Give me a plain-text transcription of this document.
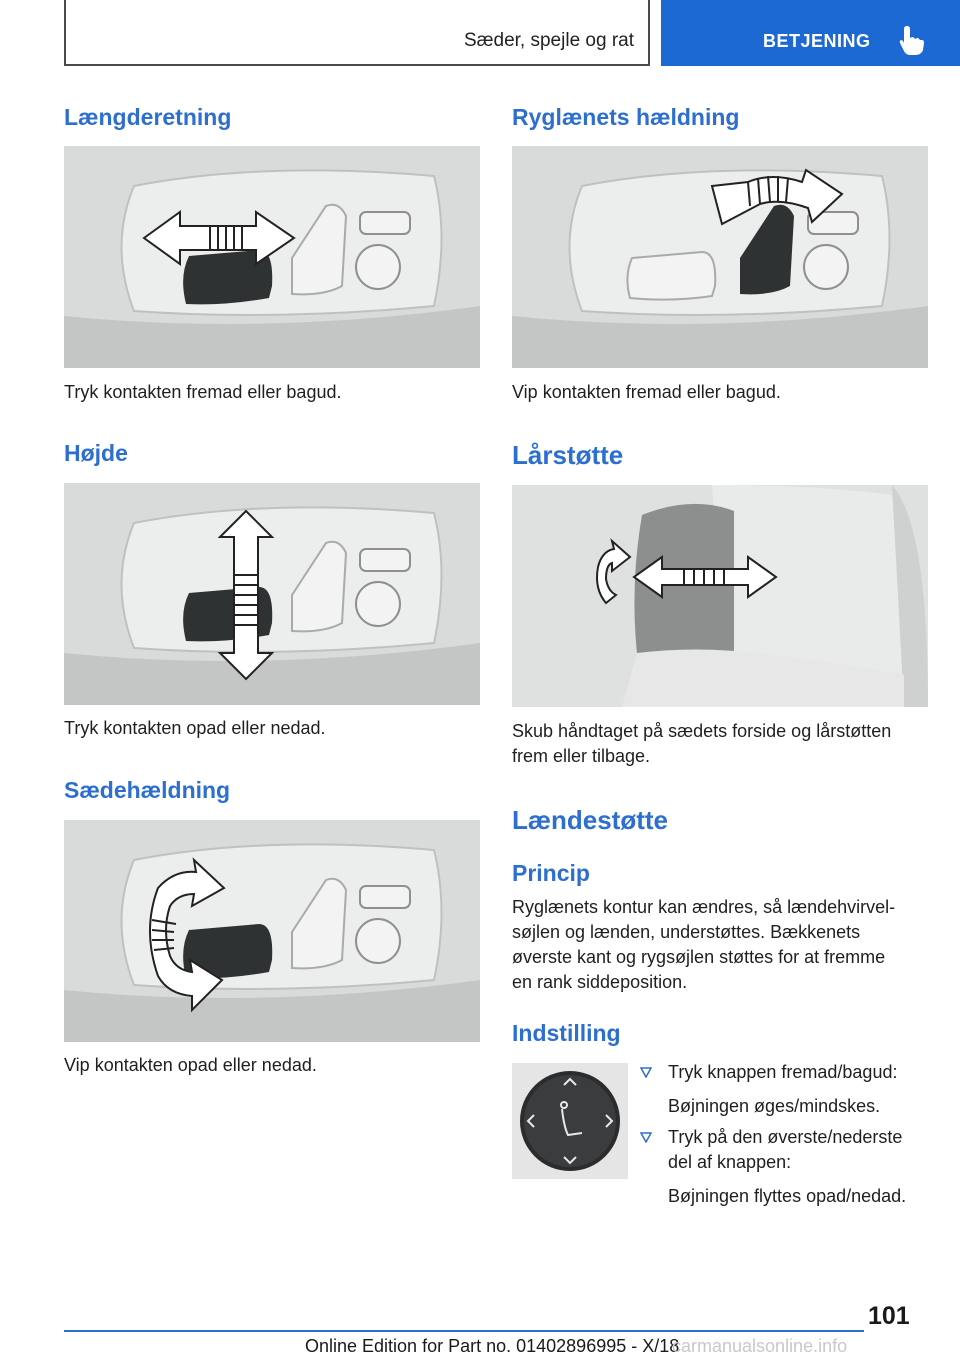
Sæder, spejle og rat	BETJENING
Længderetning
Tryk kontakten fremad eller bagud.
Højde
Tryk kontakten opad eller nedad.
Sædehældning
Vip kontakten opad eller nedad.
Ryglænets hældning
Vip kontakten fremad eller bagud.
Lårstøtte
Skub håndtaget på sædets forside og lårstøtten
frem eller tilbage.
Lændestøtte
Princip
Ryglænets kontur kan ændres, så lændehvirvel-
søjlen og lænden, understøttes. Bækkenets
øverste kant og rygsøjlen støttes for at fremme
en rank siddeposition.
Indstilling
Tryk knappen fremad/bagud:
Bøjningen øges/mindskes.
Tryk på den øverste/nederste
del af knappen:
Bøjningen flyttes opad/nedad.
101
Online Edition for Part no. 01402896995 - X/18
carmanualsonline.info
